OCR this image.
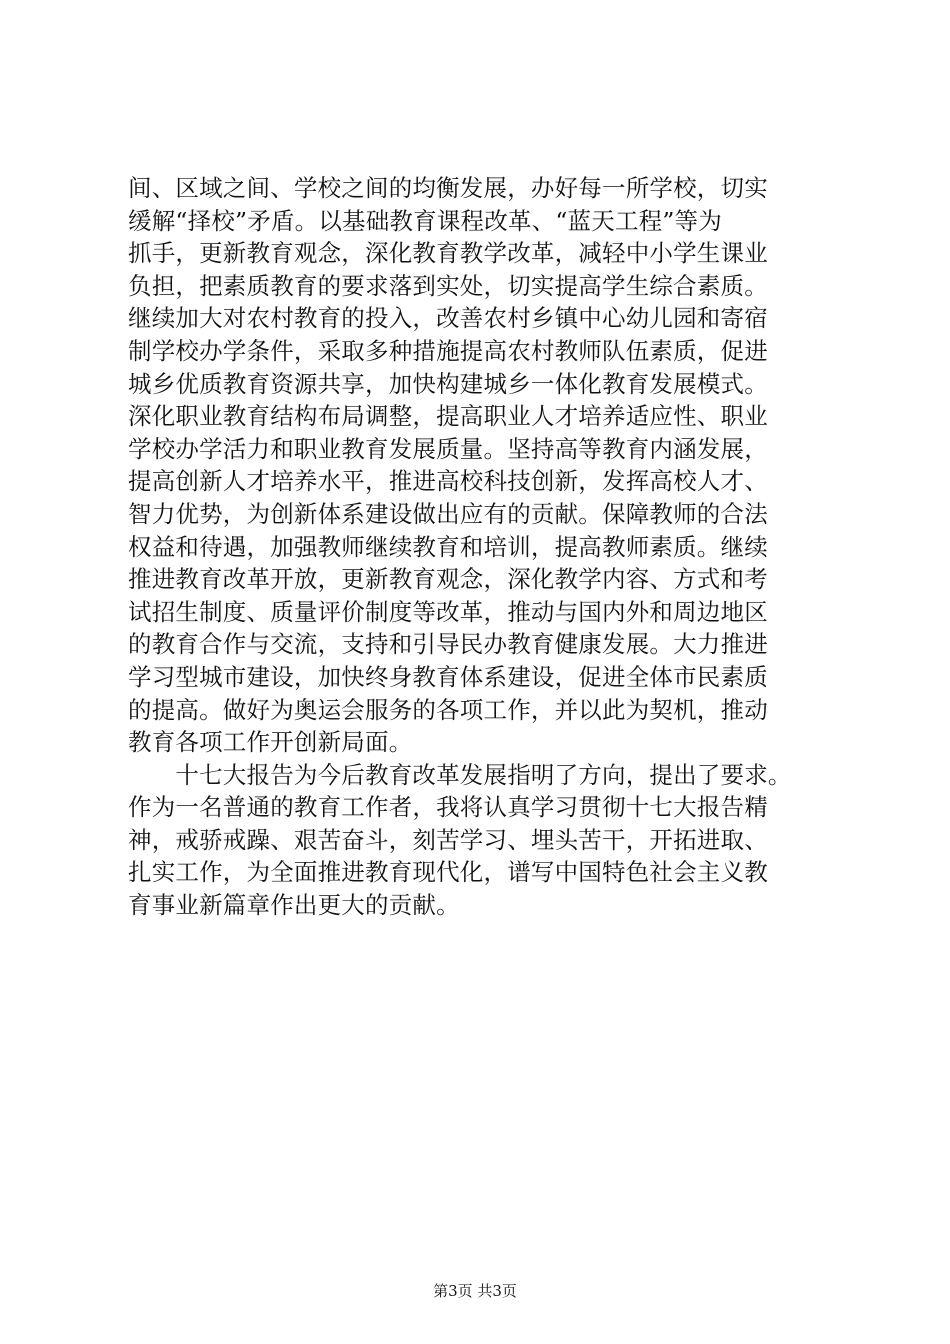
间、区域之间、学校之间的均衡发展，办好每一所学校，切实
缓解“择校”矛盾。以基础教育课程改革、“蓝天工程”等为
抓手，更新教育观念，深化教育教学改革，减轻中小学生课业
负担，把素质教育的要求落到实处，切实提高学生综合素质。
继续加大对农村教育的投入，改善农村乡镇中心幼儿园和寄宿
制学校办学条件，采取多种措施提高农村教师队伍素质，促进
城乡优质教育资源共享，加快构建城乡一体化教育发展模式。
深化职业教育结构布局调整，提高职业人才培养适应性、职业
学校办学活力和职业教育发展质量。坚持高等教育内涵发展，
提高创新人才培养水平，推进高校科技创新，发挥高校人才、
智力优势，为创新体系建设做出应有的贡献。保障教师的合法
权益和待遇，加强教师继续教育和培训，提高教师素质。继续
推进教育改革开放，更新教育观念，深化教学内容、方式和考
试招生制度、质量评价制度等改革，推动与国内外和周边地区
的教育合作与交流，支持和引导民办教育健康发展。大力推进
学习型城市建设，加快终身教育体系建设，促进全体市民素质
的提高。做好为奥运会服务的各项工作，并以此为契机，推动
教育各项工作开创新局面。
　　十七大报告为今后教育改革发展指明了方向，提出了要求。
作为一名普通的教育工作者，我将认真学习贯彻十七大报告精
神，戒骄戒躁、艰苦奋斗，刻苦学习、埋头苦干，开拓进取、
扎实工作，为全面推进教育现代化，谱写中国特色社会主义教
育事业新篇章作出更大的贡献。
第3页 共3页
